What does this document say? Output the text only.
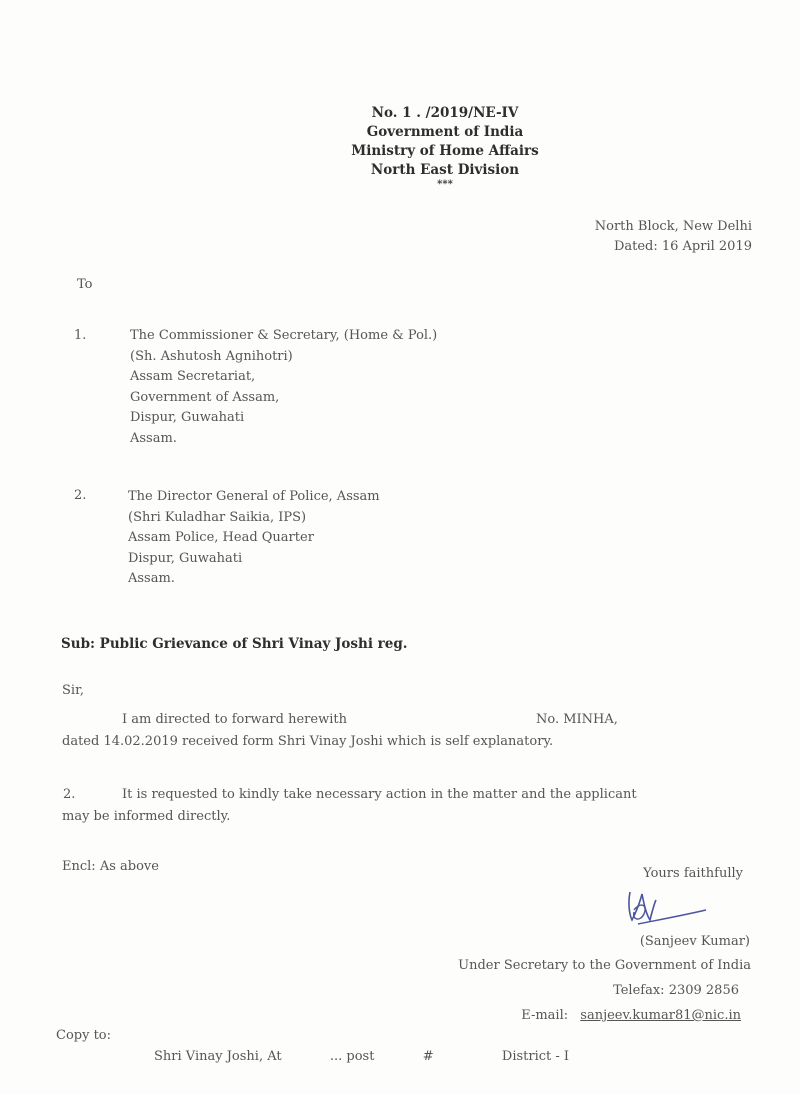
No. 1 . /2019/NE-IV
Government of India
Ministry of Home Affairs
North East Division
***
North Block, New Delhi
Dated: 16 April 2019
To
1.	The Commissioner & Secretary, (Home & Pol.)
(Sh. Ashutosh Agnihotri)
Assam Secretariat,
Government of Assam,
Dispur, Guwahati
Assam.
2.	The Director General of Police, Assam
(Shri Kuladhar Saikia, IPS)
Assam Police, Head Quarter
Dispur, Guwahati
Assam.
Sub: Public Grievance of Shri Vinay Joshi reg.
Sir,
I am directed to forward herewith	No. MINHA,
dated 14.02.2019 received form Shri Vinay Joshi which is self explanatory.
2.	It is requested to kindly take necessary action in the matter and the applicant
may be informed directly.
Encl: As above	Yours faithfully
(Sanjeev Kumar)
Under Secretary to the Government of India
Telefax: 2309 2856
E-mail: sanjeev.kumar81@nic.in
Copy to:
Shri Vinay Joshi, At	... post	#	District - I
